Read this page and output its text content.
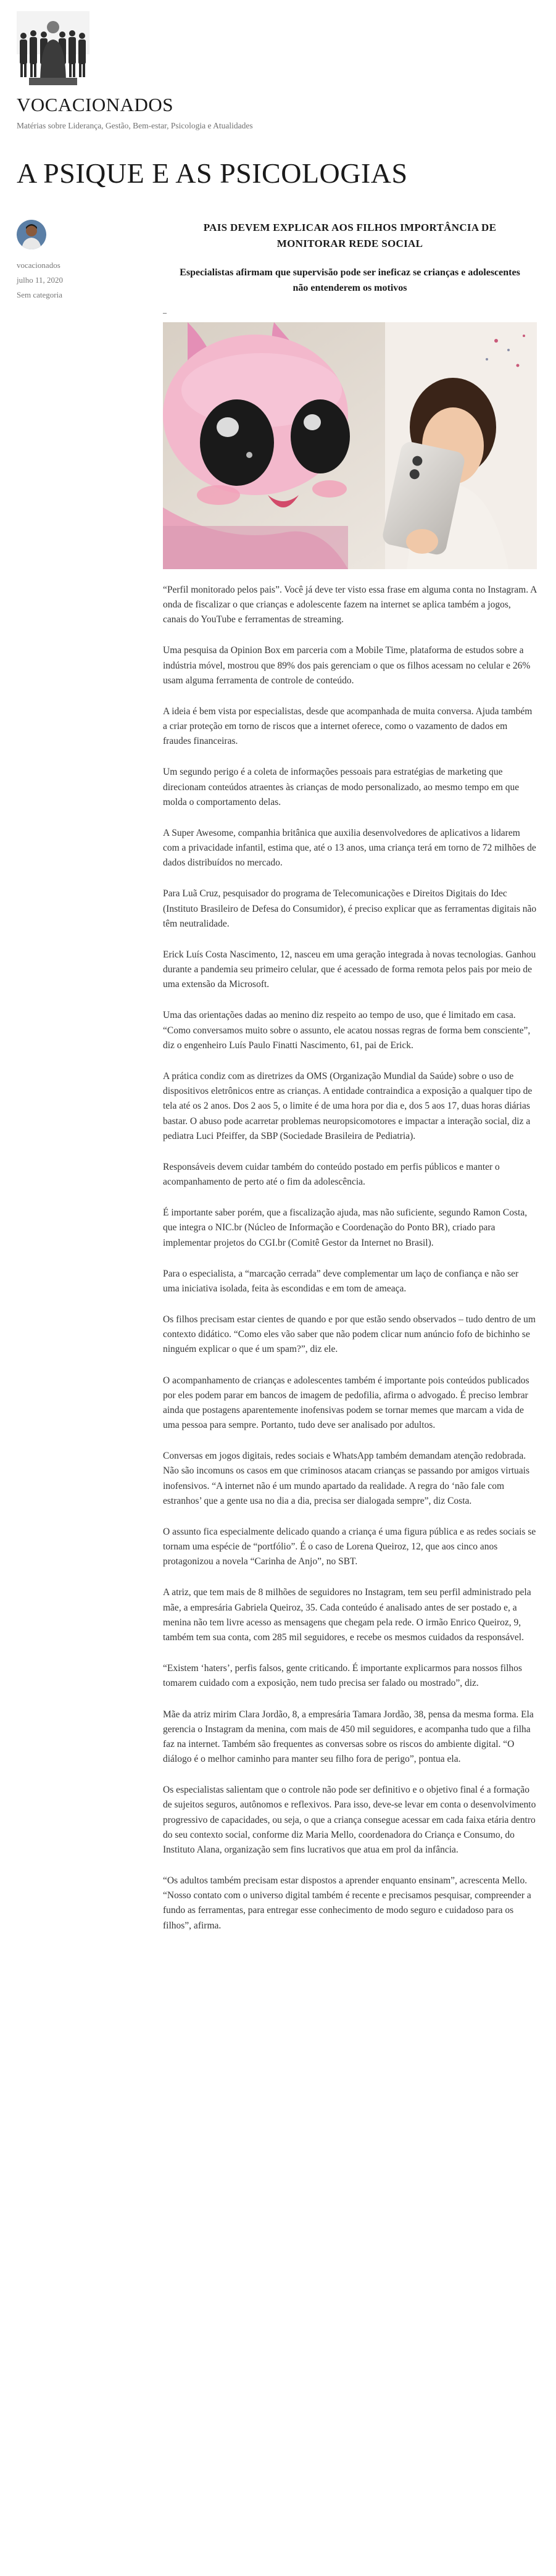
VOCACIONADOS

Matérias sobre Liderança, Gestão, Bem-estar, Psicologia e Atualidades

A PSIQUE E AS PSICOLOGIAS
vocacionados
julho 11, 2020
Sem categoria
PAIS DEVEM EXPLICAR AOS FILHOS IMPORTÂNCIA DE MONITORAR REDE SOCIAL
Especialistas afirmam que supervisão pode ser ineficaz se crianças e adolescentes não entenderem os motivos
–

“Perfil monitorado pelos pais”. Você já deve ter visto essa frase em alguma conta no Instagram. A onda de fiscalizar o que crianças e adolescente fazem na internet se aplica também a jogos, canais do YouTube e ferramentas de streaming.

Uma pesquisa da Opinion Box em parceria com a Mobile Time, plataforma de estudos sobre a indústria móvel, mostrou que 89% dos pais gerenciam o que os filhos acessam no celular e 26% usam alguma ferramenta de controle de conteúdo.

A ideia é bem vista por especialistas, desde que acompanhada de muita conversa. Ajuda também a criar proteção em torno de riscos que a internet oferece, como o vazamento de dados em fraudes financeiras.

Um segundo perigo é a coleta de informações pessoais para estratégias de marketing que direcionam conteúdos atraentes às crianças de modo personalizado, ao mesmo tempo em que molda o comportamento delas.

A Super Awesome, companhia britânica que auxilia desenvolvedores de aplicativos a lidarem com a privacidade infantil, estima que, até o 13 anos, uma criança terá em torno de 72 milhões de dados distribuídos no mercado.

Para Luã Cruz, pesquisador do programa de Telecomunicações e Direitos Digitais do Idec (Instituto Brasileiro de Defesa do Consumidor), é preciso explicar que as ferramentas digitais não têm neutralidade.

Erick Luís Costa Nascimento, 12, nasceu em uma geração integrada à novas tecnologias. Ganhou durante a pandemia seu primeiro celular, que é acessado de forma remota pelos pais por meio de uma extensão da Microsoft.

Uma das orientações dadas ao menino diz respeito ao tempo de uso, que é limitado em casa. “Como conversamos muito sobre o assunto, ele acatou nossas regras de forma bem consciente”, diz o engenheiro Luís Paulo Finatti Nascimento, 61, pai de Erick.

A prática condiz com as diretrizes da OMS (Organização Mundial da Saúde) sobre o uso de dispositivos eletrônicos entre as crianças. A entidade contraindica a exposição a qualquer tipo de tela até os 2 anos. Dos 2 aos 5, o limite é de uma hora por dia e, dos 5 aos 17, duas horas diárias bastar. O abuso pode acarretar problemas neuropsicomotores e impactar a interação social, diz a pediatra Luci Pfeiffer, da SBP (Sociedade Brasileira de Pediatria).

Responsáveis devem cuidar também do conteúdo postado em perfis públicos e manter o acompanhamento de perto até o fim da adolescência.

É importante saber porém, que a fiscalização ajuda, mas não suficiente, segundo Ramon Costa, que integra o NIC.br (Núcleo de Informação e Coordenação do Ponto BR), criado para implementar projetos do CGI.br (Comitê Gestor da Internet no Brasil).

Para o especialista, a “marcação cerrada” deve complementar um laço de confiança e não ser uma iniciativa isolada, feita às escondidas e em tom de ameaça.

Os filhos precisam estar cientes de quando e por que estão sendo observados – tudo dentro de um contexto didático. “Como eles vão saber que não podem clicar num anúncio fofo de bichinho se ninguém explicar o que é um spam?”, diz ele.

O acompanhamento de crianças e adolescentes também é importante pois conteúdos publicados por eles podem parar em bancos de imagem de pedofilia, afirma o advogado. É preciso lembrar ainda que postagens aparentemente inofensivas podem se tornar memes que marcam a vida de uma pessoa para sempre. Portanto, tudo deve ser analisado por adultos.

Conversas em jogos digitais, redes sociais e WhatsApp também demandam atenção redobrada. Não são incomuns os casos em que criminosos atacam crianças se passando por amigos virtuais inofensivos. “A internet não é um mundo apartado da realidade. A regra do ‘não fale com estranhos’ que a gente usa no dia a dia, precisa ser dialogada sempre”, diz Costa.

O assunto fica especialmente delicado quando a criança é uma figura pública e as redes sociais se tornam uma espécie de “portfólio”. É o caso de Lorena Queiroz, 12, que aos cinco anos protagonizou a novela “Carinha de Anjo”, no SBT.

A atriz, que tem mais de 8 milhões de seguidores no Instagram, tem seu perfil administrado pela mãe, a empresária Gabriela Queiroz, 35. Cada conteúdo é analisado antes de ser postado e, a menina não tem livre acesso as mensagens que chegam pela rede. O irmão Enrico Queiroz, 9, também tem sua conta, com 285 mil seguidores, e recebe os mesmos cuidados da responsável.

“Existem ‘haters’, perfis falsos, gente criticando. É importante explicarmos para nossos filhos tomarem cuidado com a exposição, nem tudo precisa ser falado ou mostrado”, diz.

Mãe da atriz mirim Clara Jordão, 8, a empresária Tamara Jordão, 38, pensa da mesma forma. Ela gerencia o Instagram da menina, com mais de 450 mil seguidores, e acompanha tudo que a filha faz na internet. Também são frequentes as conversas sobre os riscos do ambiente digital. “O diálogo é o melhor caminho para manter seu filho fora de perigo”, pontua ela.

Os especialistas salientam que o controle não pode ser definitivo e o objetivo final é a formação de sujeitos seguros, autônomos e reflexivos. Para isso, deve-se levar em conta o desenvolvimento progressivo de capacidades, ou seja, o que a criança consegue acessar em cada faixa etária dentro do seu contexto social, conforme diz Maria Mello, coordenadora do Criança e Consumo, do Instituto Alana, organização sem fins lucrativos que atua em prol da infância.

“Os adultos também precisam estar dispostos a aprender enquanto ensinam”, acrescenta Mello. “Nosso contato com o universo digital também é recente e precisamos pesquisar, compreender a fundo as ferramentas, para entregar esse conhecimento de modo seguro e cuidadoso para os filhos”, afirma.
